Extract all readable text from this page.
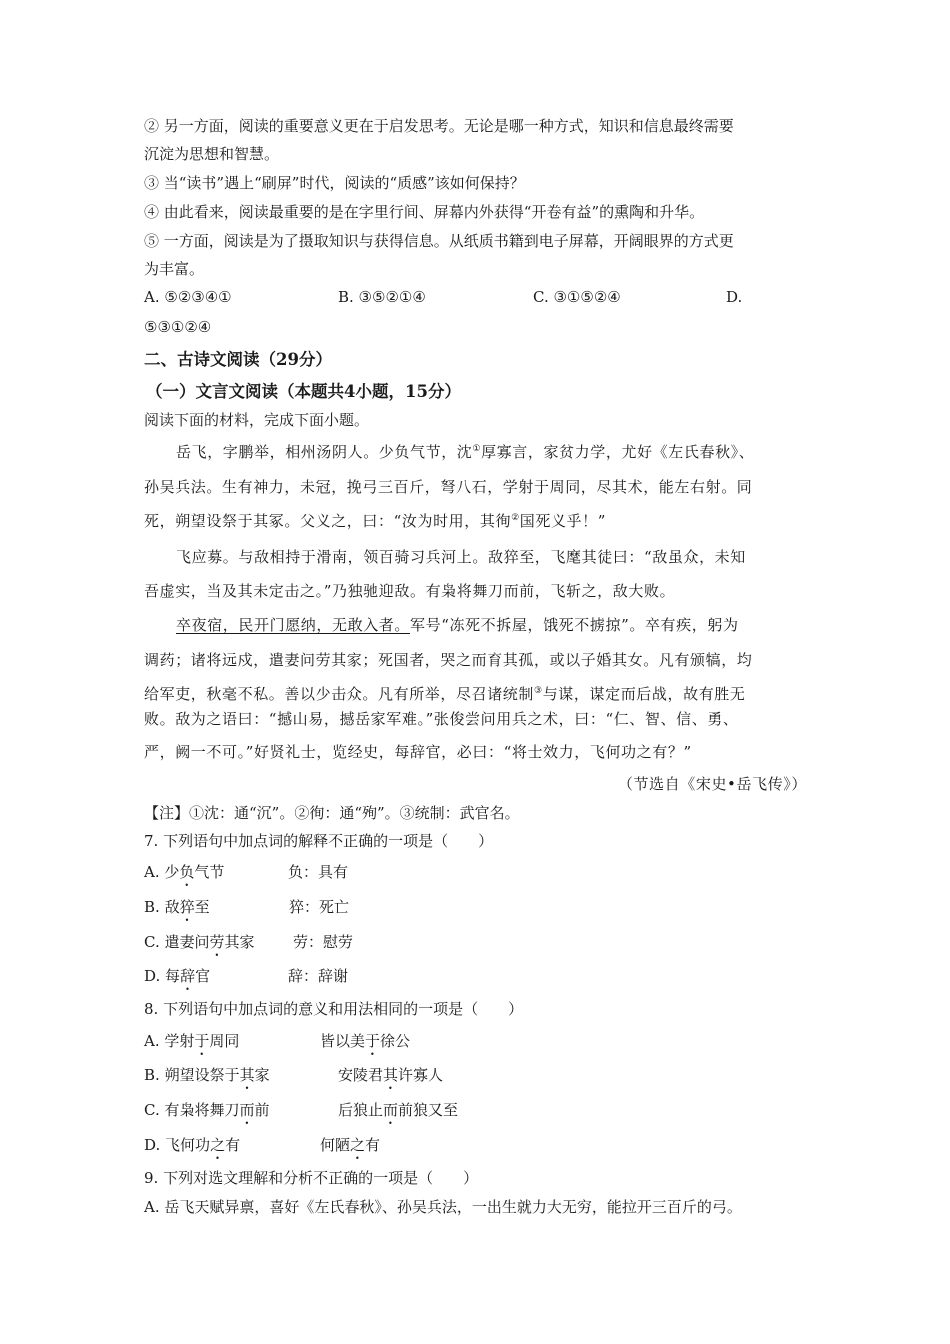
② 另一方面，阅读的重要意义更在于启发思考。无论是哪一种方式，知识和信息最终需要
沉淀为思想和智慧。
③ 当“读书”遇上“刷屏”时代，阅读的“质感”该如何保持？
④ 由此看来，阅读最重要的是在字里行间、屏幕内外获得“开卷有益”的熏陶和升华。
⑤ 一方面，阅读是为了摄取知识与获得信息。从纸质书籍到电子屏幕，开阔眼界的方式更
为丰富。
A. ⑤②③④①	B. ③⑤②①④	C. ③①⑤②④	D.
⑤③①②④
二、古诗文阅读（29分）
（一）文言文阅读（本题共4小题，15分）
阅读下面的材料，完成下面小题。
岳飞，字鹏举，相州汤阴人。少负气节，沈①厚寡言，家贫力学，尤好《左氏春秋》、
孙吴兵法。生有神力，未冠，挽弓三百斤，弩八石，学射于周同，尽其术，能左右射。同
死，朔望设祭于其冢。父义之，曰：“汝为时用，其徇②国死义乎！”
飞应募。与敌相持于滑南，领百骑习兵河上。敌猝至，飞麾其徒曰：“敌虽众，未知
吾虚实，当及其未定击之。”乃独驰迎敌。有枭将舞刀而前，飞斩之，敌大败。
卒夜宿，民开门愿纳，无敢入者。军号“冻死不拆屋，饿死不掳掠”。卒有疾，躬为
调药；诸将远戍，遣妻问劳其家；死国者，哭之而育其孤，或以子婚其女。凡有颁犒，均
给军吏，秋毫不私。善以少击众。凡有所举，尽召诸统制③与谋，谋定而后战，故有胜无
败。敌为之语曰：“撼山易，撼岳家军难。”张俊尝问用兵之术，曰：“仁、智、信、勇、
严，阙一不可。”好贤礼士，览经史，每辞官，必曰：“将士效力，飞何功之有？”
（节选自《宋史•岳飞传》）
【注】①沈：通“沉”。②徇：通“殉”。③统制：武官名。
7. 下列语句中加点词的解释不正确的一项是（　　）
A. 少负气节	负：具有
B. 敌猝至	猝：死亡
C. 遣妻问劳其家	劳：慰劳
D. 每辞官	辞：辞谢
8. 下列语句中加点词的意义和用法相同的一项是（　　）
A. 学射于周同	皆以美于徐公
B. 朔望设祭于其家	安陵君其许寡人
C. 有枭将舞刀而前	后狼止而前狼又至
D. 飞何功之有	何陋之有
9. 下列对选文理解和分析不正确的一项是（　　）
A. 岳飞天赋异禀，喜好《左氏春秋》、孙吴兵法，一出生就力大无穷，能拉开三百斤的弓。
